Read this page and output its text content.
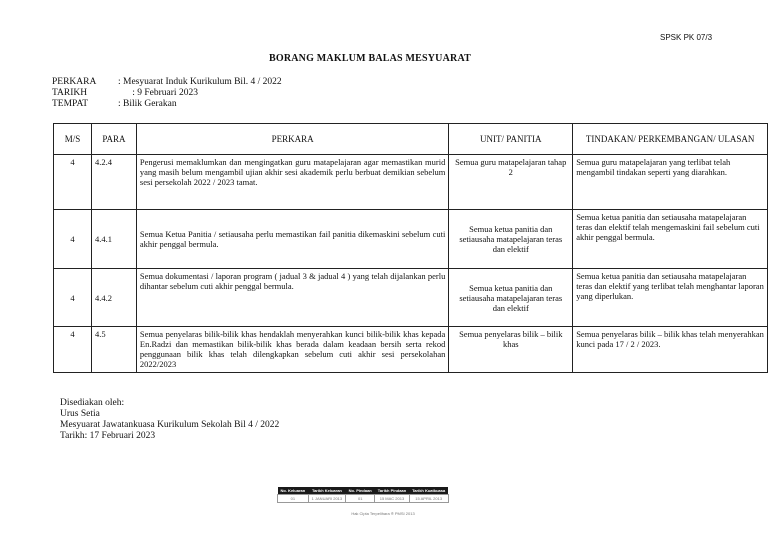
SPSK PK 07/3
BORANG MAKLUM BALAS MESYUARAT
PERKARA : Mesyuarat Induk Kurikulum Bil. 4 / 2022
TARIKH	: 9 Februari 2023
TEMPAT	: Bilik Gerakan
M/S	PARA	PERKARA	UNIT/ PANITIA	TINDAKAN/ PERKEMBANGAN/ ULASAN
4	4.2.4	Pengerusi memaklumkan dan mengingatkan guru matapelajaran agar memastikan murid yang masih belum mengambil ujian akhir sesi akademik perlu berbuat demikian sebelum sesi persekolah 2022 / 2023 tamat.	Semua guru matapelajaran tahap 2	Semua guru matapelajaran yang terlibat telah mengambil tindakan seperti yang diarahkan.
4	4.4.1	Semua Ketua Panitia / setiausaha perlu memastikan fail panitia dikemaskini sebelum cuti akhir penggal bermula.	Semua ketua panitia dan setiausaha matapelajaran teras dan elektif	Semua ketua panitia dan setiausaha matapelajaran teras dan elektif telah mengemaskini fail sebelum cuti akhir penggal bermula.
4	4.4.2	Semua dokumentasi / laporan program ( jadual 3 & jadual 4 ) yang telah dijalankan perlu dihantar sebelum cuti akhir penggal bermula.	Semua ketua panitia dan setiausaha matapelajaran teras dan elektif	Semua ketua panitia dan setiausaha matapelajaran teras dan elektif yang terlibat telah menghantar laporan yang diperlukan.
4	4.5	Semua penyelaras bilik-bilik khas hendaklah menyerahkan kunci bilik-bilik khas kepada En.Radzi dan memastikan bilik-bilik khas berada dalam keadaan bersih serta rekod penggunaan bilik khas telah dilengkapkan sebelum cuti akhir sesi persekolahan 2022/2023	Semua penyelaras bilik – bilik khas	Semua penyelaras bilik – bilik khas telah menyerahkan kunci pada 17 / 2 / 2023.
Disediakan oleh:
Urus Setia
Mesyuarat Jawatankuasa Kurikulum Sekolah Bil 4 / 2022
Tarikh: 17 Februari 2023
No. Keluaran	Tarikh Keluaran	No. Pindaan	Tarikh Pindaan	Tarikh Kuatkuasa
01	1 JANUARI 2013	01	15 MAC 2013	15 APRIL 2013
Hak Cipta Terpelihara ® PMSI 2013
